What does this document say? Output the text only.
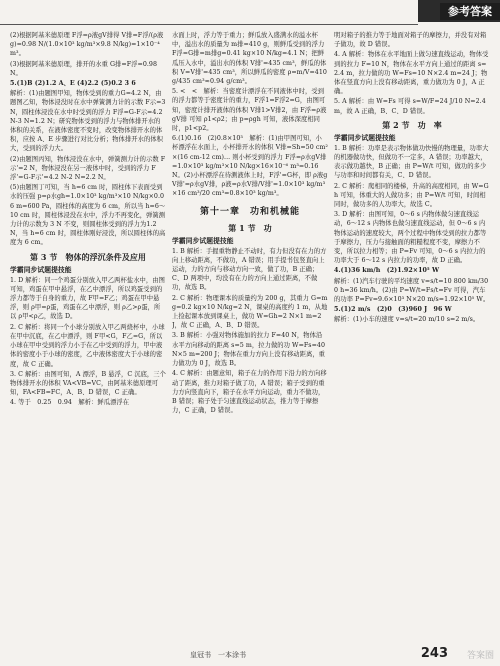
参考答案

(2)根据阿基米德原理 F浮=ρ液gV排得 V排=F浮/(ρ液g)=0.98 N/(1.0×10³ kg/m³×9.8 N/kg)=1×10⁻⁴ m³。

(3)根据阿基米德原理，排开的水重 G排=F浮=0.98 N。

5.(1)B (2)1.2 A、E (4)2.2 (5)0.2 3 6

解析：(1)由题图甲知，物体受到的重力G=4.2 N，由题图乙知，物体浸没时在水中弹簧测力计的示数 F示=3 N，圆柱体浸没在水中时受到的浮力 F浮=G-F示=4.2 N-3 N=1.2 N；研究物体受到的浮力与物体排开水的体积的关系，在液体密度不变时，改变物体排开水的体积，应按 A、E 步骤进行对比分析；物体排开水的体积大，受到的浮力大。

(2)由题图丙知，物体浸没在水中，弹簧测力计的示数 F示'=2 N，物体浸没在另一液体中时，受到的浮力 F浮'=G-F示'=4.2 N-2 N=2.2 N。

(5)由题图丁可知，当 h=6 cm 时，圆柱体下表面受到水的压强 p=ρ水gh=1.0×10³ kg/m³×10 N/kg×0.06 m=600 Pa，圆柱体的高度为 6 cm，所以当 h=6～10 cm 时，圆柱体浸没在水中，浮力不再变化，弹簧测力计的示数为 3 N 不变，则圆柱体受到的浮力为1.2 N，当 h=6 cm 时，圆柱体刚好浸没，所以圆柱体的高度为 6 cm。

第 3 节　物体的浮沉条件及应用
学霸同步试题提技能

1. D 解析：同一个鸡蛋分别放入甲乙两杯盐水中，由图可知，鸡蛋在甲中悬浮，在乙中漂浮，所以鸡蛋受到的浮力都等于自身的重力，故 F甲=F乙；鸡蛋在甲中悬浮，则 ρ甲=ρ蛋，鸡蛋在乙中漂浮，则 ρ乙>ρ蛋，所以 ρ甲<ρ乙，故选 D。

2. C 解析：将同一个小球分别放入甲乙两烧杯中，小球在甲中沉底，在乙中漂浮，则 F甲<G，F乙=G，所以小球在甲中受到的浮力小于在乙中受到的浮力，甲中液体的密度小于小球的密度，乙中液体密度大于小球的密度，故 C 正确。

3. C 解析：由图可知，A 漂浮，B 悬浮，C 沉底，三个物体排开水的体积 VA<VB=VC，由阿基米德原理可知，FA<FB=FC，A、B、D 错误，C 正确。

4. 等于　0.25　0.94　解析：鲜瓜漂浮在

水面上时，浮力等于重力；鲜瓜放入盛满水的溢水杯中，溢出水的质量为 m排=410 g，则鲜瓜受到的浮力 F浮=G排=m排g=0.41 kg×10 N/kg=4.1 N；把鲜瓜压入水中，溢出水的体积 V排'=435 cm³，鲜瓜的体积 V=V排'=435 cm³，所以鲜瓜的密度 ρ=m/V=410 g/435 cm³≈0.94 g/cm³。

5. <　<　解析：当密度计漂浮在不同液体中时，受到的浮力都等于密度计的重力，F浮1=F浮2=G，由图可知，密度计排开液体的体积 V排1>V排2，由 F浮=ρ液gV排 可知 ρ1<ρ2；由 p=ρgh 可知，液体深度相同时，p1<p2。

6.(1)0.16　(2)0.8×10³　解析：(1)由甲图可知，小杯漂浮在水面上，小杯排开水的体积 V排=Sh=50 cm²×(16 cm-12 cm)... 则小杯受到的浮力 F浮=ρ水gV排=1.0×10³ kg/m³×10 N/kg×16×10⁻⁶ m³=0.16 N。(2)小杯漂浮在待测液体上时，F浮'=G杯，即 ρ液gV排'=ρ水gV排，ρ液=ρ水V排/V排'=1.0×10³ kg/m³×16 cm³/20 cm³=0.8×10³ kg/m³。

第十一章　功和机械能
第 1 节　功
学霸同步试题提技能

1. B 解析：手握重物静止不动时，有力但没有在力的方向上移动距离，不做功，A 错误；用手提书包竖直向上运动，力的方向与移动方向一致，做了功，B 正确；C、D 两项中，均没有在力的方向上通过距离，不做功，故选 B。

2. C 解析：物理课本的质量约为 200 g，其重力 G=mg=0.2 kg×10 N/kg=2 N，课桌的高度约 1 m，从地上捡起课本放到课桌上，做功 W=Gh=2 N×1 m=2 J，故 C 正确，A、B、D 错误。

3. B 解析：小强对物体施加的拉力 F=40 N，物体沿水平方向移动的距离 s=5 m，拉力做的功 W=Fs=40 N×5 m=200 J；物体在重力方向上没有移动距离，重力做功为 0 J，故选 B。

4. C 解析：由题意知，箱子在力的作用下沿力的方向移动了距离，推力对箱子做了功，A 错误；箱子受到的重力方向竖直向下，箱子在水平方向运动，重力不做功，B 错误；箱子处于匀速直线运动状态，推力等于摩擦力，C 正确，D 错误。

明对箱子的推力等于地面对箱子的摩擦力，并没有对箱子做功，故 D 错误。

4. A 解析：物体在水平地面上做匀速直线运动，物体受到的拉力 F=10 N，物体在水平方向上通过的距离 s=2.4 m，拉力做的功 W=Fs=10 N×2.4 m=24 J；物体在竖直方向上没有移动距离，重力做功为 0 J，A 正确。

5. A 解析：由 W=Fs 可得 s=W/F=24 J/10 N=2.4 m，故 A 正确，B、C、D 错误。

第 2 节　功　率
学霸同步试题提技能

1. B 解析：功率是表示物体做功快慢的物理量，功率大的机器做功快，但做功不一定多，A 错误；功率越大，表示做功越快，B 正确；由 P=W/t 可知，做功的多少与功率和时间都有关，C、D 错误。

2. C 解析：爬相同的楼梯，升高的高度相同，由 W=Gh 可知，体重大的人做功多；由 P=W/t 可知，时间相同时，做功多的人功率大，故选 C。

3. D 解析：由图可知，0～6 s 内物体做匀速直线运动，6～12 s 内物体也做匀速直线运动，但 0～6 s 内物体运动的速度较大，两个过程中物体受到的拉力都等于摩擦力，压力与接触面的粗糙程度不变，摩擦力不变，所以拉力相等；由 P=Fv 可知，0～6 s 内拉力的功率大于 6～12 s 内拉力的功率，故 D 正确。

4.(1)36 km/h　(2)1.92×10⁵ W

解析：(1)汽车行驶的平均速度 v=s/t=10 800 km/300 h=36 km/h。(2)由 P=W/t=Fs/t=Fv 可得，汽车的功率 P=Fv=9.6×10³ N×20 m/s=1.92×10⁵ W。

5.(1)2 m/s　(2)0　(3)960 J　96 W

解析：(1)小车的速度 v=s/t=20 m/10 s=2 m/s。

皇冠书　一本涂书	243 答案圈
